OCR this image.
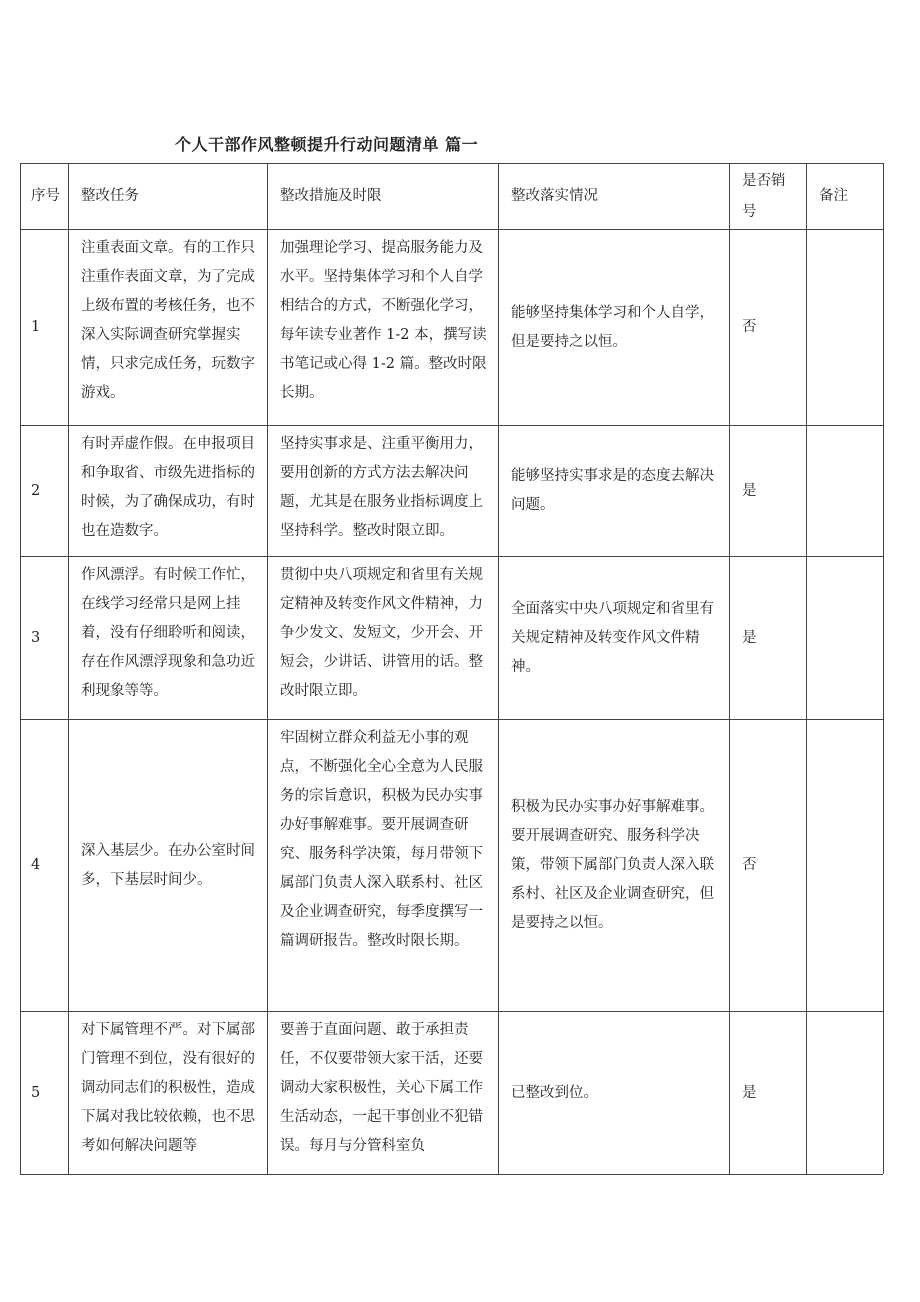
个人干部作风整顿提升行动问题清单 篇一
序号	整改任务	整改措施及时限	整改落实情况	是否销号	备注
1	注重表面文章。有的工作只注重作表面文章，为了完成上级布置的考核任务，也不深入实际调查研究掌握实情，只求完成任务，玩数字游戏。	加强理论学习、提高服务能力及水平。坚持集体学习和个人自学相结合的方式，不断强化学习，每年读专业著作 1-2 本，撰写读书笔记或心得 1-2 篇。整改时限长期。	能够坚持集体学习和个人自学，但是要持之以恒。	否	
2	有时弄虚作假。在申报项目和争取省、市级先进指标的时候，为了确保成功，有时也在造数字。	坚持实事求是、注重平衡用力，要用创新的方式方法去解决问题，尤其是在服务业指标调度上坚持科学。整改时限立即。	能够坚持实事求是的态度去解决问题。	是	
3	作风漂浮。有时候工作忙，在线学习经常只是网上挂着，没有仔细聆听和阅读，存在作风漂浮现象和急功近利现象等等。	贯彻中央八项规定和省里有关规定精神及转变作风文件精神，力争少发文、发短文，少开会、开短会，少讲话、讲管用的话。整改时限立即。	全面落实中央八项规定和省里有关规定精神及转变作风文件精神。	是	
4	深入基层少。在办公室时间多，下基层时间少。	牢固树立群众利益无小事的观点，不断强化全心全意为人民服务的宗旨意识，积极为民办实事办好事解难事。要开展调查研究、服务科学决策，每月带领下属部门负责人深入联系村、社区及企业调查研究，每季度撰写一篇调研报告。整改时限长期。	积极为民办实事办好事解难事。要开展调查研究、服务科学决策，带领下属部门负责人深入联系村、社区及企业调查研究，但是要持之以恒。	否	

5	对下属管理不严。对下属部门管理不到位，没有很好的调动同志们的积极性，造成下属对我比较依赖，也不思考如何解决问题等	要善于直面问题、敢于承担责任，不仅要带领大家干活，还要调动大家积极性，关心下属工作生活动态，一起干事创业不犯错误。每月与分管科室负	已整改到位。	是	
